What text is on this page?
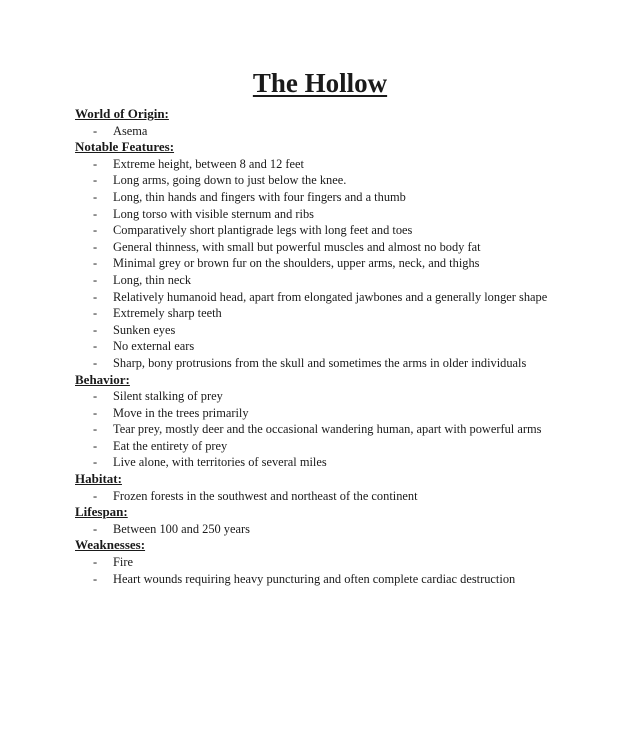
The Hollow
World of Origin:
-	Asema
Notable Features:
-	Extreme height, between 8 and 12 feet
-	Long arms, going down to just below the knee.
-	Long, thin hands and fingers with four fingers and a thumb
-	Long torso with visible sternum and ribs
-	Comparatively short plantigrade legs with long feet and toes
-	General thinness, with small but powerful muscles and almost no body fat
-	Minimal grey or brown fur on the shoulders, upper arms, neck, and thighs
-	Long, thin neck
-	Relatively humanoid head, apart from elongated jawbones and a generally longer shape
-	Extremely sharp teeth
-	Sunken eyes
-	No external ears
-	Sharp, bony protrusions from the skull and sometimes the arms in older individuals
Behavior:
-	Silent stalking of prey
-	Move in the trees primarily
-	Tear prey, mostly deer and the occasional wandering human, apart with powerful arms
-	Eat the entirety of prey
-	Live alone, with territories of several miles
Habitat:
-	Frozen forests in the southwest and northeast of the continent
Lifespan:
-	Between 100 and 250 years
Weaknesses:
-	Fire
-	Heart wounds requiring heavy puncturing and often complete cardiac destruction
